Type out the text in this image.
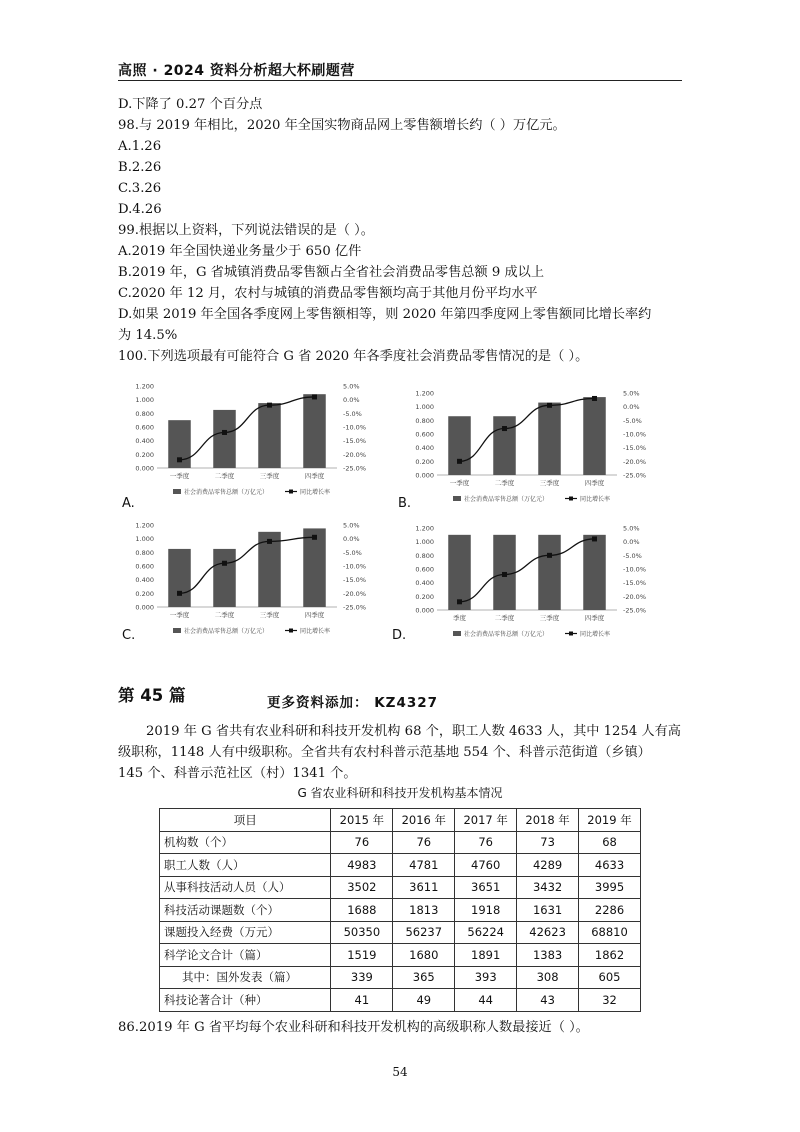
高照 · 2024 资料分析超大杯刷题营
D.下降了 0.27 个百分点
98.与 2019 年相比，2020 年全国实物商品网上零售额增长约（ ）万亿元。
A.1.26
B.2.26
C.3.26
D.4.26
99.根据以上资料，下列说法错误的是（ ）。
A.2019 年全国快递业务量少于 650 亿件
B.2019 年，G 省城镇消费品零售额占全省社会消费品零售总额 9 成以上
C.2020 年 12 月，农村与城镇的消费品零售额均高于其他月份平均水平
D.如果 2019 年全国各季度网上零售额相等，则 2020 年第四季度网上零售额同比增长率约
为 14.5%
100.下列选项最有可能符合 G 省 2020 年各季度社会消费品零售情况的是（ ）。
1.200
1.000
0.800
0.600
0.400
0.200
0.000
5.0%
0.0%
-5.0%
-10.0%
-15.0%
-20.0%
-25.0%
一季度	二季度	三季度	四季度
社会消费品零售总额（万亿元）	同比增长率
A.
1.200
1.000
0.800
0.600
0.400
0.200
0.000
5.0%
0.0%
-5.0%
-10.0%
-15.0%
-20.0%
-25.0%
一季度	二季度	三季度	四季度
社会消费品零售总额（万亿元）	同比增长率
B.
1.200
1.000
0.800
0.600
0.400
0.200
0.000
5.0%
0.0%
-5.0%
-10.0%
-15.0%
-20.0%
-25.0%
一季度	二季度	三季度	四季度
社会消费品零售总额（万亿元）	同比增长率
C.
1.200
1.000
0.800
0.600
0.400
0.200
0.000
5.0%
0.0%
-5.0%
-10.0%
-15.0%
-20.0%
-25.0%
季度	二季度	三季度	四季度
社会消费品零售总额（万亿元）	同比增长率
D.
第 45 篇	更多资料添加： KZ4327
2019 年 G 省共有农业科研和科技开发机构 68 个，职工人数 4633 人，其中 1254 人有高
级职称，1148 人有中级职称。全省共有农村科普示范基地 554 个、科普示范街道（乡镇）
145 个、科普示范社区（村）1341 个。
G 省农业科研和科技开发机构基本情况
项目	2015 年	2016 年	2017 年	2018 年	2019 年
机构数（个）	76	76	76	73	68
职工人数（人）	4983	4781	4760	4289	4633
从事科技活动人员（人）	3502	3611	3651	3432	3995
科技活动课题数（个）	1688	1813	1918	1631	2286
课题投入经费（万元）	50350	56237	56224	42623	68810
科学论文合计（篇）	1519	1680	1891	1383	1862
其中：国外发表（篇）	339	365	393	308	605
科技论著合计（种）	41	49	44	43	32
86.2019 年 G 省平均每个农业科研和科技开发机构的高级职称人数最接近（ ）。
54
